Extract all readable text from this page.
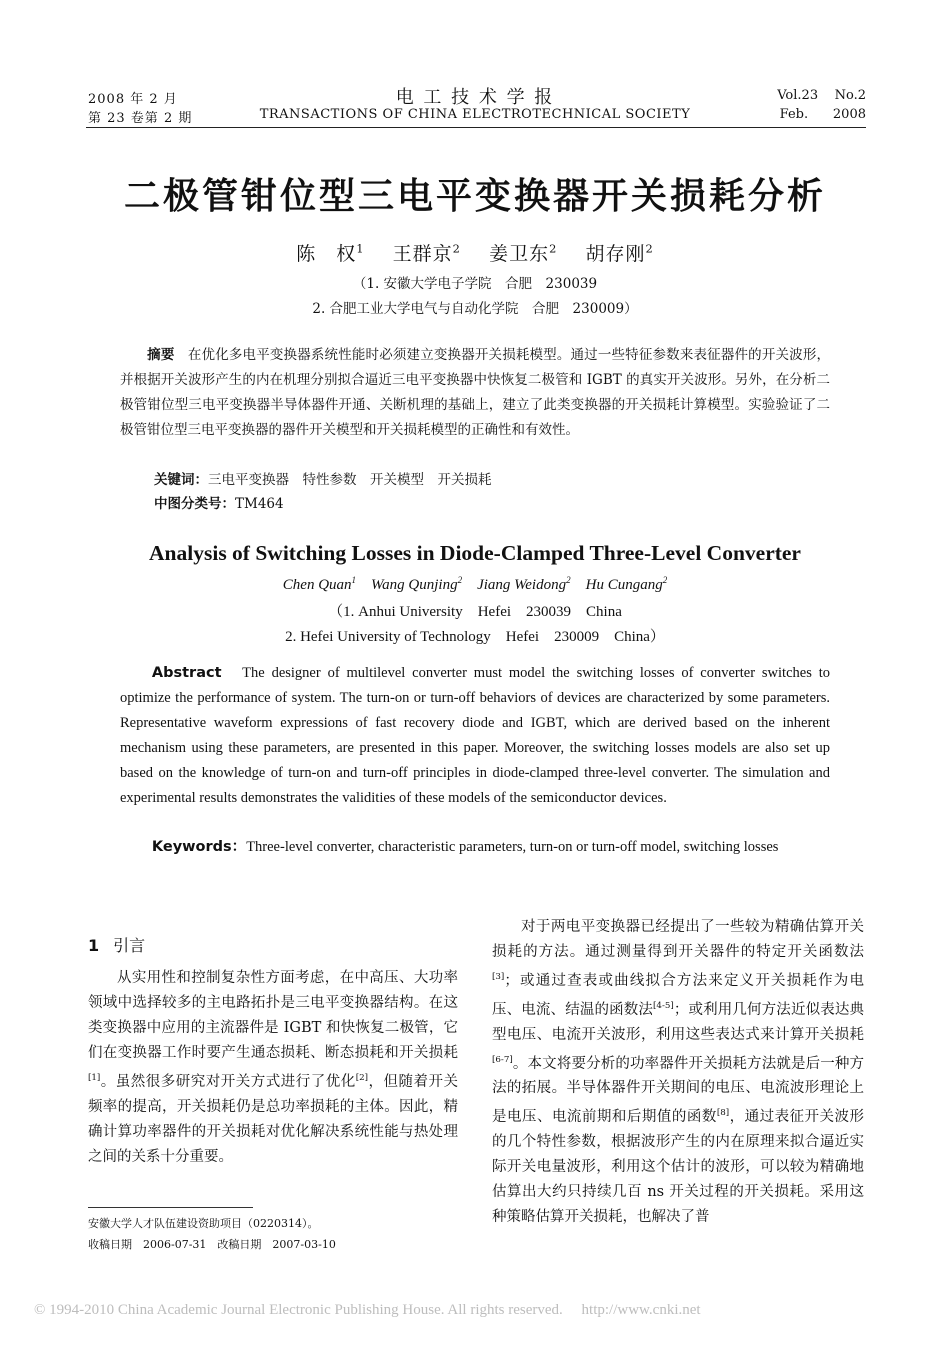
2008 年 2 月
第 23 卷第 2 期
电 工 技 术 学 报
TRANSACTIONS OF CHINA ELECTROTECHNICAL SOCIETY
Vol.23    No.2
Feb.      2008
二极管钳位型三电平变换器开关损耗分析
陈　权$^1$ 王群京$^2$ 姜卫东$^2$ 胡存刚$^2$
（1. 安徽大学电子学院　合肥　230039
2. 合肥工业大学电气与自动化学院　合肥　230009）
摘要 在优化多电平变换器系统性能时必须建立变换器开关损耗模型。通过一些特征参数来表征器件的开关波形，并根据开关波形产生的内在机理分别拟合逼近三电平变换器中快恢复二极管和 IGBT 的真实开关波形。另外，在分析二极管钳位型三电平变换器半导体器件开通、关断机理的基础上，建立了此类变换器的开关损耗计算模型。实验验证了二极管钳位型三电平变换器的器件开关模型和开关损耗模型的正确性和有效性。
关键词：三电平变换器　特性参数　开关模型　开关损耗
中图分类号：TM464
Analysis of Switching Losses in Diode-Clamped Three-Level Converter
Chen Quan$^1$ Wang Qunjing$^2$ Jiang Weidong$^2$ Hu Cungang$^2$
（1. Anhui University　Hefei　230039　China
2. Hefei University of Technology　Hefei　230009　China）
Abstract The designer of multilevel converter must model the switching losses of converter switches to optimize the performance of system. The turn-on or turn-off behaviors of devices are characterized by some parameters. Representative waveform expressions of fast recovery diode and IGBT, which are derived based on the inherent mechanism using these parameters, are presented in this paper. Moreover, the switching losses models are also set up based on the knowledge of turn-on and turn-off principles in diode-clamped three-level converter. The simulation and experimental results demonstrates the validities of these models of the semiconductor devices.
Keywords：Three-level converter, characteristic parameters, turn-on or turn-off model, switching losses
1 引言
从实用性和控制复杂性方面考虑，在中高压、大功率领域中选择较多的主电路拓扑是三电平变换器结构。在这类变换器中应用的主流器件是 IGBT 和快恢复二极管，它们在变换器工作时要产生通态损耗、断态损耗和开关损耗[1]。虽然很多研究对开关方式进行了优化[2]，但随着开关频率的提高，开关损耗仍是总功率损耗的主体。因此，精确计算功率器件的开关损耗对优化解决系统性能与热处理之间的关系十分重要。
安徽大学人才队伍建设资助项目（0220314）。
收稿日期　2006-07-31　改稿日期　2007-03-10
对于两电平变换器已经提出了一些较为精确估算开关损耗的方法。通过测量得到开关器件的特定开关函数法[3]；或通过查表或曲线拟合方法来定义开关损耗作为电压、电流、结温的函数法[4-5]；或利用几何方法近似表达典型电压、电流开关波形，利用这些表达式来计算开关损耗[6-7]。本文将要分析的功率器件开关损耗方法就是后一种方法的拓展。半导体器件开关期间的电压、电流波形理论上是电压、电流前期和后期值的函数[8]，通过表征开关波形的几个特性参数，根据波形产生的内在原理来拟合逼近实际开关电量波形，利用这个估计的波形，可以较为精确地估算出大约只持续几百 ns 开关过程的开关损耗。采用这种策略估算开关损耗，也解决了普
© 1994-2010 China Academic Journal Electronic Publishing House. All rights reserved.　 http://www.cnki.net
